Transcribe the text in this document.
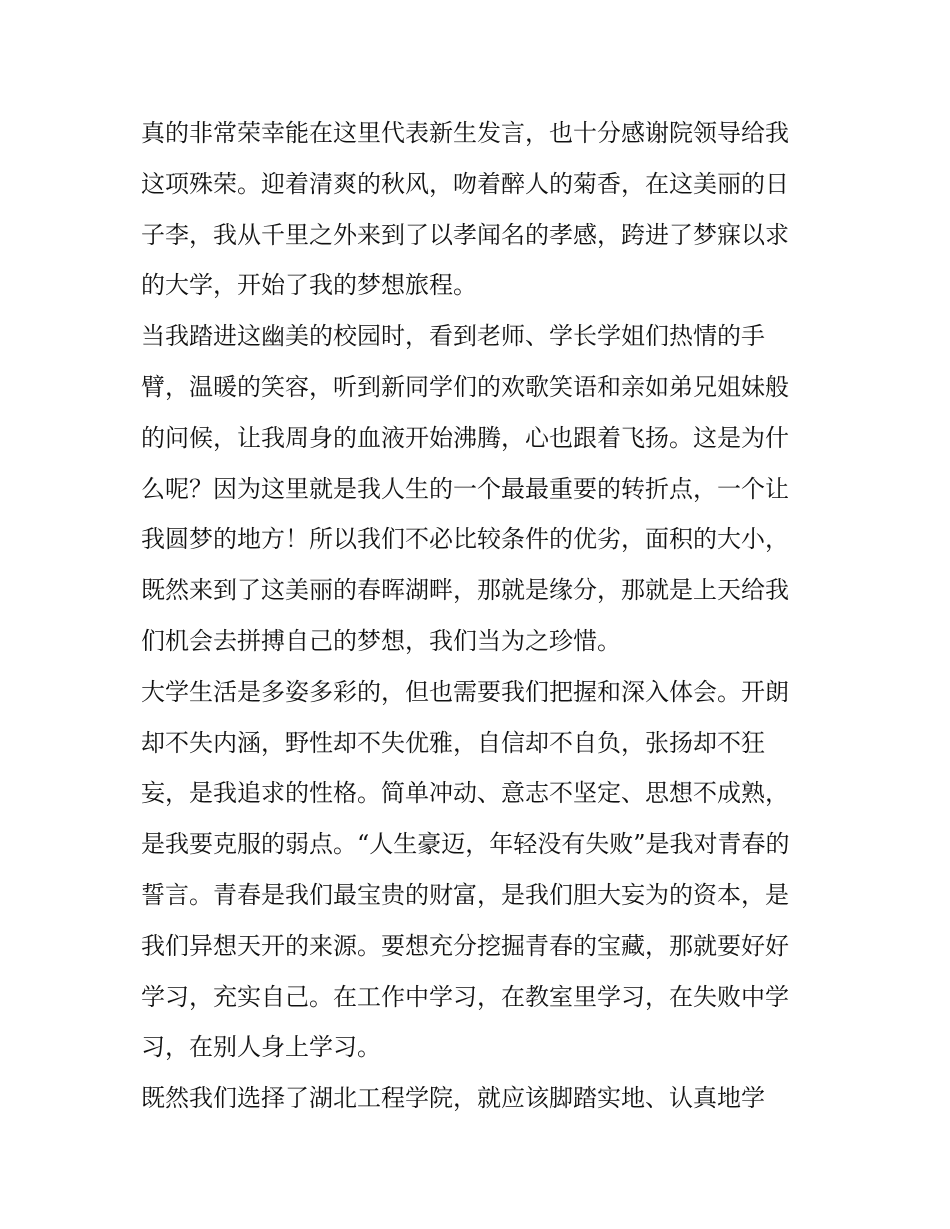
真的非常荣幸能在这里代表新生发言，也十分感谢院领导给我
这项殊荣。迎着清爽的秋风，吻着醉人的菊香，在这美丽的日
子李，我从千里之外来到了以孝闻名的孝感，跨进了梦寐以求
的大学，开始了我的梦想旅程。
当我踏进这幽美的校园时，看到老师、学长学姐们热情的手
臂，温暖的笑容，听到新同学们的欢歌笑语和亲如弟兄姐妹般
的问候，让我周身的血液开始沸腾，心也跟着飞扬。这是为什
么呢？因为这里就是我人生的一个最最重要的转折点，一个让
我圆梦的地方！所以我们不必比较条件的优劣，面积的大小，
既然来到了这美丽的春晖湖畔，那就是缘分，那就是上天给我
们机会去拼搏自己的梦想，我们当为之珍惜。
大学生活是多姿多彩的，但也需要我们把握和深入体会。开朗
却不失内涵，野性却不失优雅，自信却不自负，张扬却不狂
妄，是我追求的性格。简单冲动、意志不坚定、思想不成熟，
是我要克服的弱点。“人生豪迈，年轻没有失败”是我对青春的
誓言。青春是我们最宝贵的财富，是我们胆大妄为的资本，是
我们异想天开的来源。要想充分挖掘青春的宝藏，那就要好好
学习，充实自己。在工作中学习，在教室里学习，在失败中学
习，在别人身上学习。
既然我们选择了湖北工程学院，就应该脚踏实地、认真地学
